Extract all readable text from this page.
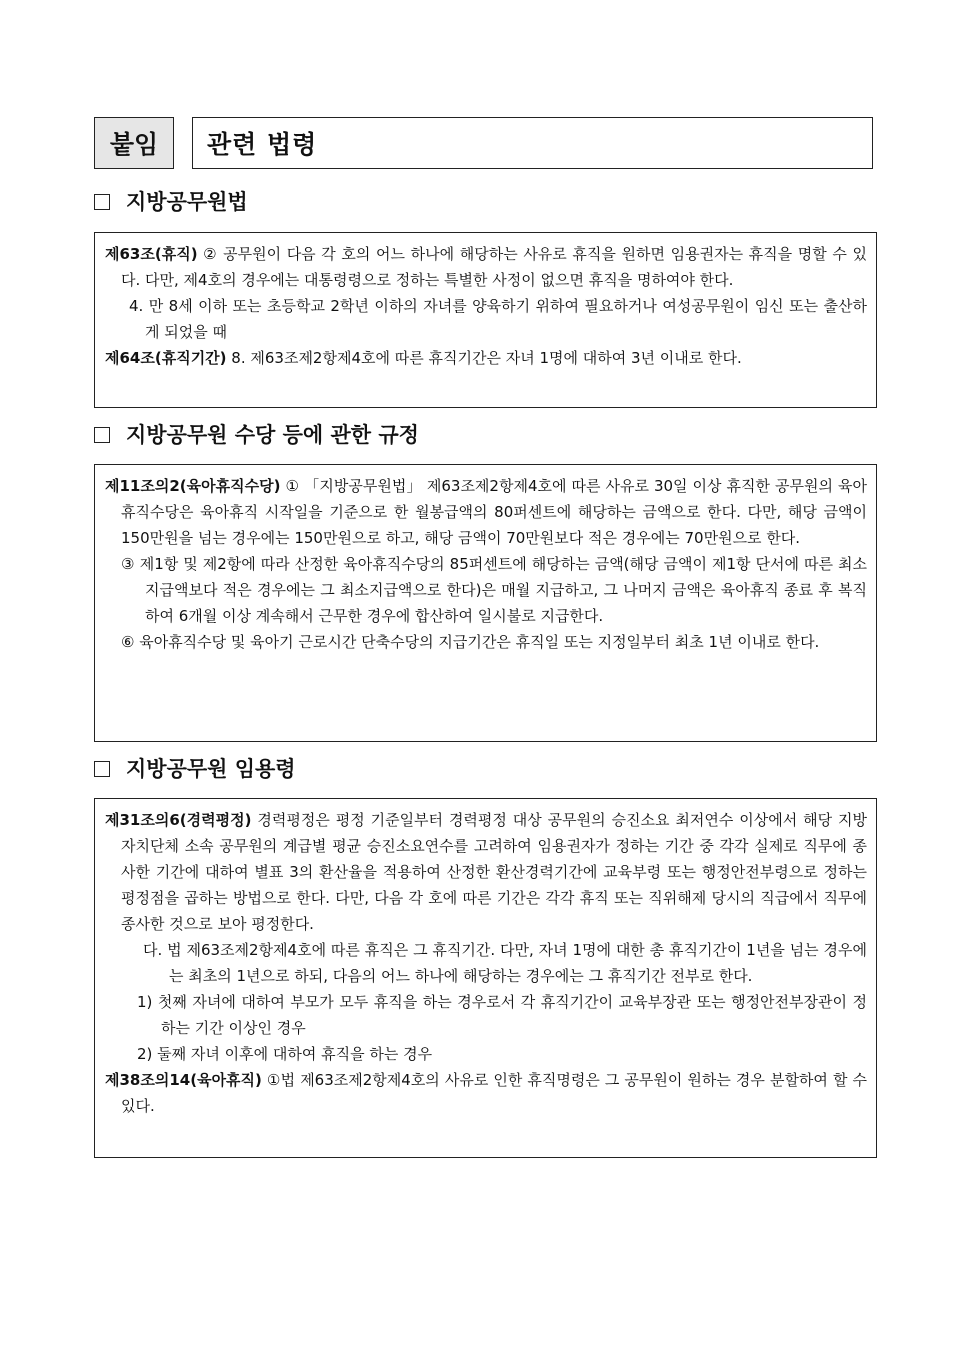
붙임	관련 법령
지방공무원법

제63조(휴직) ② 공무원이 다음 각 호의 어느 하나에 해당하는 사유로 휴직을 원하면 임용권자는 휴직을 명할 수 있다. 다만, 제4호의 경우에는 대통령령으로 정하는 특별한 사정이 없으면 휴직을 명하여야 한다.

4. 만 8세 이하 또는 초등학교 2학년 이하의 자녀를 양육하기 위하여 필요하거나 여성공무원이 임신 또는 출산하게 되었을 때

제64조(휴직기간) 8. 제63조제2항제4호에 따른 휴직기간은 자녀 1명에 대하여 3년 이내로 한다.

지방공무원 수당 등에 관한 규정

제11조의2(육아휴직수당) ① 「지방공무원법」 제63조제2항제4호에 따른 사유로 30일 이상 휴직한 공무원의 육아휴직수당은 육아휴직 시작일을 기준으로 한 월봉급액의 80퍼센트에 해당하는 금액으로 한다. 다만, 해당 금액이 150만원을 넘는 경우에는 150만원으로 하고, 해당 금액이 70만원보다 적은 경우에는 70만원으로 한다.

③ 제1항 및 제2항에 따라 산정한 육아휴직수당의 85퍼센트에 해당하는 금액(해당 금액이 제1항 단서에 따른 최소지급액보다 적은 경우에는 그 최소지급액으로 한다)은 매월 지급하고, 그 나머지 금액은 육아휴직 종료 후 복직하여 6개월 이상 계속해서 근무한 경우에 합산하여 일시불로 지급한다.

⑥ 육아휴직수당 및 육아기 근로시간 단축수당의 지급기간은 휴직일 또는 지정일부터 최초 1년 이내로 한다.

지방공무원 임용령

제31조의6(경력평정) 경력평정은 평정 기준일부터 경력평정 대상 공무원의 승진소요 최저연수 이상에서 해당 지방자치단체 소속 공무원의 계급별 평균 승진소요연수를 고려하여 임용권자가 정하는 기간 중 각각 실제로 직무에 종사한 기간에 대하여 별표 3의 환산율을 적용하여 산정한 환산경력기간에 교육부령 또는 행정안전부령으로 정하는 평정점을 곱하는 방법으로 한다. 다만, 다음 각 호에 따른 기간은 각각 휴직 또는 직위해제 당시의 직급에서 직무에 종사한 것으로 보아 평정한다.

다. 법 제63조제2항제4호에 따른 휴직은 그 휴직기간. 다만, 자녀 1명에 대한 총 휴직기간이 1년을 넘는 경우에는 최초의 1년으로 하되, 다음의 어느 하나에 해당하는 경우에는 그 휴직기간 전부로 한다.

1) 첫째 자녀에 대하여 부모가 모두 휴직을 하는 경우로서 각 휴직기간이 교육부장관 또는 행정안전부장관이 정하는 기간 이상인 경우

2) 둘째 자녀 이후에 대하여 휴직을 하는 경우

제38조의14(육아휴직) ①법 제63조제2항제4호의 사유로 인한 휴직명령은 그 공무원이 원하는 경우 분할하여 할 수 있다.
